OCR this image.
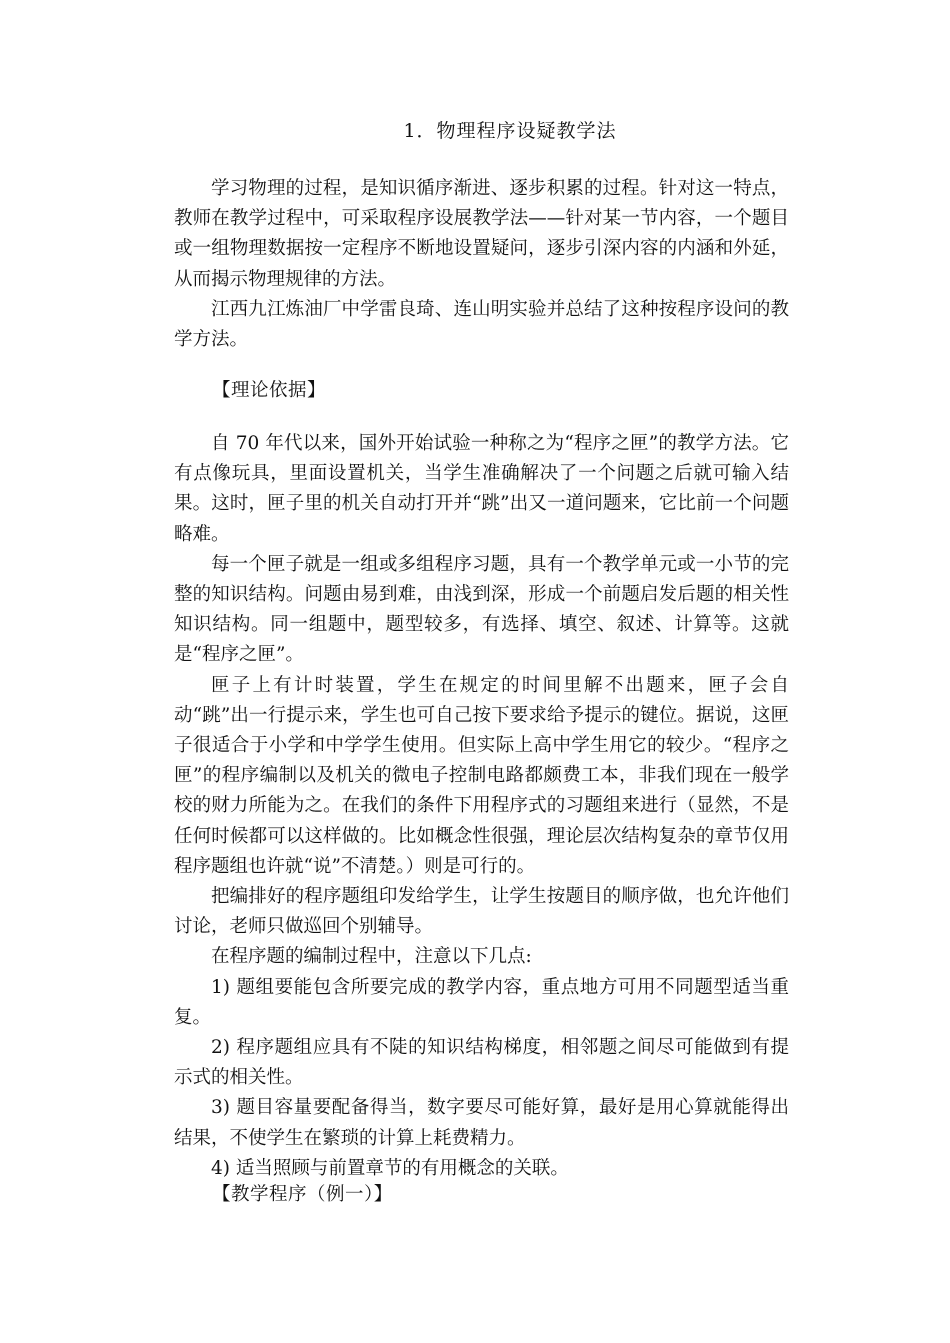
1．物理程序设疑教学法

学习物理的过程，是知识循序渐进、逐步积累的过程。针对这一特点，教师在教学过程中，可采取程序设展教学法——针对某一节内容，一个题目或一组物理数据按一定程序不断地设置疑问，逐步引深内容的内涵和外延，从而揭示物理规律的方法。

江西九江炼油厂中学雷良琦、连山明实验并总结了这种按程序设问的教学方法。

【理论依据】

自 70 年代以来，国外开始试验一种称之为“程序之匣”的教学方法。它有点像玩具，里面设置机关，当学生准确解决了一个问题之后就可输入结果。这时，匣子里的机关自动打开并“跳”出又一道问题来，它比前一个问题略难。

每一个匣子就是一组或多组程序习题，具有一个教学单元或一小节的完整的知识结构。问题由易到难，由浅到深，形成一个前题启发后题的相关性知识结构。同一组题中，题型较多，有选择、填空、叙述、计算等。这就是“程序之匣”。

匣子上有计时装置，学生在规定的时间里解不出题来，匣子会自动“跳”出一行提示来，学生也可自己按下要求给予提示的键位。据说，这匣子很适合于小学和中学学生使用。但实际上高中学生用它的较少。“程序之匣”的程序编制以及机关的微电子控制电路都颇费工本，非我们现在一般学校的财力所能为之。在我们的条件下用程序式的习题组来进行（显然，不是任何时候都可以这样做的。比如概念性很强，理论层次结构复杂的章节仅用程序题组也许就“说”不清楚。）则是可行的。

把编排好的程序题组印发给学生，让学生按题目的顺序做，也允许他们讨论，老师只做巡回个别辅导。

在程序题的编制过程中，注意以下几点:

1) 题组要能包含所要完成的教学内容，重点地方可用不同题型适当重复。

2) 程序题组应具有不陡的知识结构梯度，相邻题之间尽可能做到有提示式的相关性。

3) 题目容量要配备得当，数字要尽可能好算，最好是用心算就能得出结果，不使学生在繁琐的计算上耗费精力。

4) 适当照顾与前置章节的有用概念的关联。

【教学程序（例一）】
